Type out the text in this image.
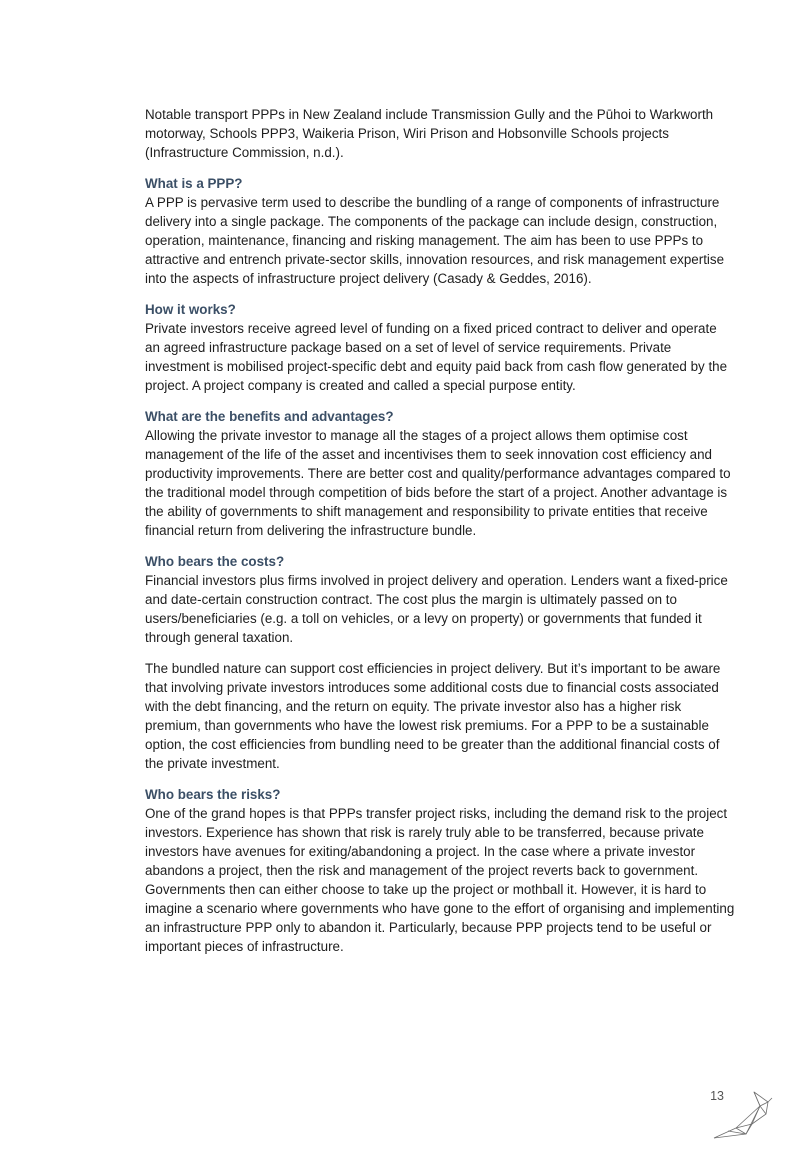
Notable transport PPPs in New Zealand include Transmission Gully and the Pūhoi to Warkworth motorway, Schools PPP3, Waikeria Prison, Wiri Prison and Hobsonville Schools projects (Infrastructure Commission, n.d.).

What is a PPP?

A PPP is pervasive term used to describe the bundling of a range of components of infrastructure delivery into a single package. The components of the package can include design, construction, operation, maintenance, financing and risking management. The aim has been to use PPPs to attractive and entrench private-sector skills, innovation resources, and risk management expertise into the aspects of infrastructure project delivery (Casady & Geddes, 2016).

How it works?

Private investors receive agreed level of funding on a fixed priced contract to deliver and operate an agreed infrastructure package based on a set of level of service requirements. Private investment is mobilised project-specific debt and equity paid back from cash flow generated by the project. A project company is created and called a special purpose entity.

What are the benefits and advantages?

Allowing the private investor to manage all the stages of a project allows them optimise cost management of the life of the asset and incentivises them to seek innovation cost efficiency and productivity improvements. There are better cost and quality/performance advantages compared to the traditional model through competition of bids before the start of a project. Another advantage is the ability of governments to shift management and responsibility to private entities that receive financial return from delivering the infrastructure bundle.

Who bears the costs?

Financial investors plus firms involved in project delivery and operation. Lenders want a fixed-price and date-certain construction contract. The cost plus the margin is ultimately passed on to users/beneficiaries (e.g. a toll on vehicles, or a levy on property) or governments that funded it through general taxation.

The bundled nature can support cost efficiencies in project delivery. But it’s important to be aware that involving private investors introduces some additional costs due to financial costs associated with the debt financing, and the return on equity. The private investor also has a higher risk premium, than governments who have the lowest risk premiums. For a PPP to be a sustainable option, the cost efficiencies from bundling need to be greater than the additional financial costs of the private investment.

Who bears the risks?

One of the grand hopes is that PPPs transfer project risks, including the demand risk to the project investors. Experience has shown that risk is rarely truly able to be transferred, because private investors have avenues for exiting/abandoning a project. In the case where a private investor abandons a project, then the risk and management of the project reverts back to government. Governments then can either choose to take up the project or mothball it. However, it is hard to imagine a scenario where governments who have gone to the effort of organising and implementing an infrastructure PPP only to abandon it. Particularly, because PPP projects tend to be useful or important pieces of infrastructure.

13
